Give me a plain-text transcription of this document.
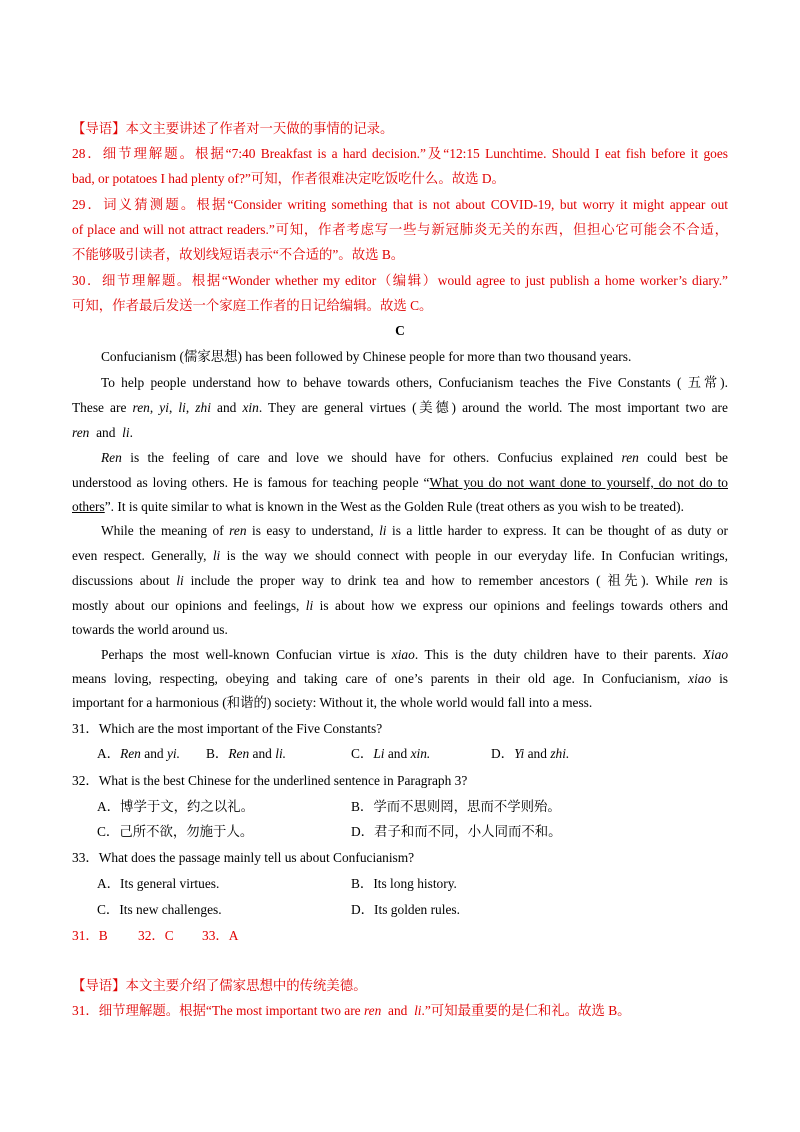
【导语】本文主要讲述了作者对一天做的事情的记录。
28．细节理解题。根据“7:40 Breakfast is a hard decision.”及“12:15 Lunchtime. Should I eat fish before it goes
bad, or potatoes I had plenty of?”可知，作者很难决定吃饭吃什么。故选 D。
29．词义猜测题。根据“Consider writing something that is not about COVID-19, but worry it might appear out
of place and will not attract readers.”可知，作者考虑写一些与新冠肺炎无关的东西，但担心它可能会不合适，
不能够吸引读者，故划线短语表示“不合适的”。故选 B。
30．细节理解题。根据“Wonder whether my editor（编辑）would agree to just publish a home worker’s diary.”
可知，作者最后发送一个家庭工作者的日记给编辑。故选 C。
C
Confucianism (儒家思想) has been followed by Chinese people for more than two thousand years.
To help people understand how to behave towards others, Confucianism teaches the Five Constants ( 五常).
These are ren, yi, li, zhi and xin. They are general virtues (美德) around the world. The most important two are
ren and li.
Ren is the feeling of care and love we should have for others. Confucius explained ren could best be
understood as loving others. He is famous for teaching people “What you do not want done to yourself, do not do to
others”. It is quite similar to what is known in the West as the Golden Rule (treat others as you wish to be treated).
While the meaning of ren is easy to understand, li is a little harder to express. It can be thought of as duty or
even respect. Generally, li is the way we should connect with people in our everyday life. In Confucian writings,
discussions about li include the proper way to drink tea and how to remember ancestors ( 祖先). While ren is
mostly about our opinions and feelings, li is about how we express our opinions and feelings towards others and
towards the world around us.
Perhaps the most well-known Confucian virtue is xiao. This is the duty children have to their parents. Xiao
means loving, respecting, obeying and taking care of one’s parents in their old age. In Confucianism, xiao is
important for a harmonious (和谐的) society: Without it, the whole world would fall into a mess.
31．Which are the most important of the Five Constants?
A．Ren and yi. B．Ren and li.	C．Li and xin.	D．Yi and zhi.
32．What is the best Chinese for the underlined sentence in Paragraph 3?
A．博学于文，约之以礼。	B．学而不思则罔，思而不学则殆。
C．己所不欲，勿施于人。	D．君子和而不同，小人同而不和。
33．What does the passage mainly tell us about Confucianism?
A．Its general virtues.	B．Its long history.
C．Its new challenges.	D．Its golden rules.
31．B 32．C 33．A
【导语】本文主要介绍了儒家思想中的传统美德。
31．细节理解题。根据“The most important two are ren and li.”可知最重要的是仁和礼。故选 B。
